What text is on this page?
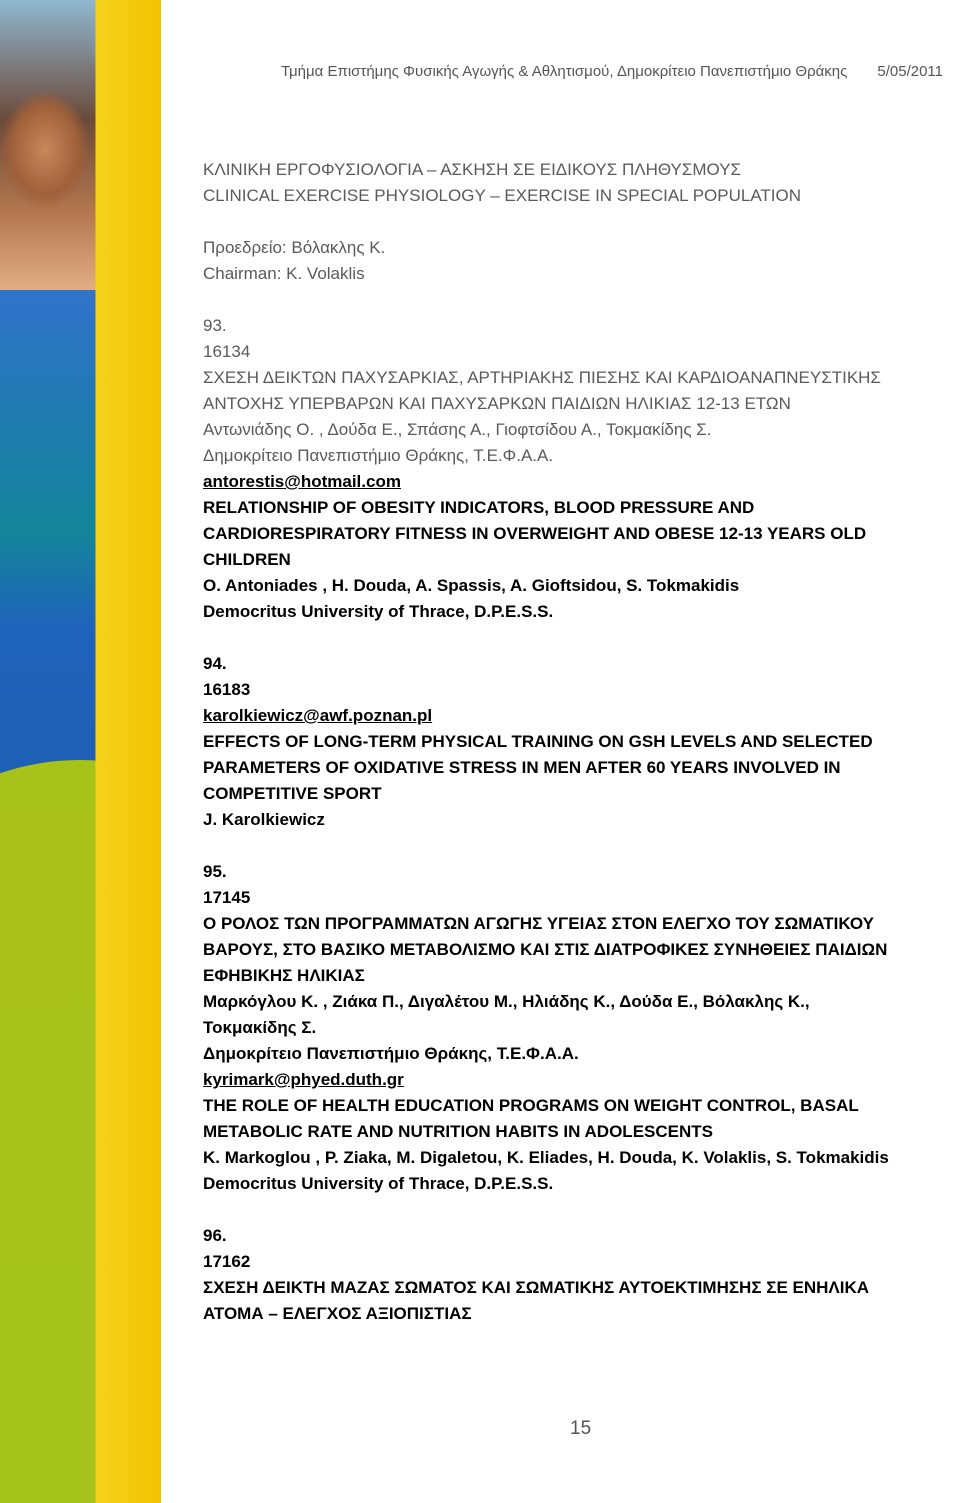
Τμήμα Επιστήμης Φυσικής Αγωγής & Αθλητισμού, Δημοκρίτειο Πανεπιστήμιο Θράκης 5/05/2011
ΚΛΙΝΙΚΗ ΕΡΓΟΦΥΣΙΟΛΟΓΙΑ – ΑΣΚΗΣΗ ΣΕ ΕΙΔΙΚΟΥΣ ΠΛΗΘΥΣΜΟΥΣ
CLINICAL EXERCISE PHYSIOLOGY – EXERCISE IN SPECIAL POPULATION
Προεδρείο: Βόλακλης Κ.
Chairman: K. Volaklis
93.
16134
ΣΧΕΣΗ ΔΕΙΚΤΩΝ ΠΑΧΥΣΑΡΚΙΑΣ, ΑΡΤΗΡΙΑΚΗΣ ΠΙΕΣΗΣ ΚΑΙ ΚΑΡΔΙΟΑΝΑΠΝΕΥΣΤΙΚΗΣ
ΑΝΤΟΧΗΣ ΥΠΕΡΒΑΡΩΝ ΚΑΙ ΠΑΧΥΣΑΡΚΩΝ ΠΑΙΔΙΩΝ ΗΛΙΚΙΑΣ 12-13 ΕΤΩΝ
Αντωνιάδης Ο. , Δούδα Ε., Σπάσης Α., Γιοφτσίδου Α., Τοκμακίδης Σ.
Δημοκρίτειο Πανεπιστήμιο Θράκης, Τ.Ε.Φ.Α.Α.
antorestis@hotmail.com
RELATIONSHIP OF OBESITY INDICATORS, BLOOD PRESSURE AND
CARDIORESPIRATORY FITNESS IN OVERWEIGHT AND OBESE 12-13 YEARS OLD
CHILDREN
O. Antoniades , H. Douda, A. Spassis, A. Gioftsidou, S. Tokmakidis
Democritus University of Thrace, D.P.E.S.S.
94.
16183
karolkiewicz@awf.poznan.pl
EFFECTS OF LONG-TERM PHYSICAL TRAINING ON GSH LEVELS AND SELECTED
PARAMETERS OF OXIDATIVE STRESS IN MEN AFTER 60 YEARS INVOLVED IN
COMPETITIVE SPORT
J. Karolkiewicz
95.
17145
Ο ΡΟΛΟΣ ΤΩΝ ΠΡΟΓΡΑΜΜΑΤΩΝ ΑΓΩΓΗΣ ΥΓΕΙΑΣ ΣΤΟΝ ΕΛΕΓΧΟ ΤΟΥ ΣΩΜΑΤΙΚΟΥ
ΒΑΡΟΥΣ, ΣΤΟ ΒΑΣΙΚΟ ΜΕΤΑΒΟΛΙΣΜΟ ΚΑΙ ΣΤΙΣ ΔΙΑΤΡΟΦΙΚΕΣ ΣΥΝΗΘΕΙΕΣ ΠΑΙΔΙΩΝ
ΕΦΗΒΙΚΗΣ ΗΛΙΚΙΑΣ
Μαρκόγλου Κ. , Ζιάκα Π., Διγαλέτου Μ., Ηλιάδης Κ., Δούδα Ε., Βόλακλης Κ.,
Τοκμακίδης Σ.
Δημοκρίτειο Πανεπιστήμιο Θράκης, Τ.Ε.Φ.Α.Α.
kyrimark@phyed.duth.gr
THE ROLE OF HEALTH EDUCATION PROGRAMS ON WEIGHT CONTROL, BASAL
METABOLIC RATE AND NUTRITION HABITS IN ADOLESCENTS
K. Markoglou , P. Ziaka, M. Digaletou, K. Eliades, H. Douda, K. Volaklis, S. Tokmakidis
Democritus University of Thrace, D.P.E.S.S.
96.
17162
ΣΧΕΣΗ ΔΕΙΚΤΗ ΜΑΖΑΣ ΣΩΜΑΤΟΣ ΚΑΙ ΣΩΜΑΤΙΚΗΣ ΑΥΤΟΕΚΤΙΜΗΣΗΣ ΣΕ ΕΝΗΛΙΚΑ
ΑΤΟΜΑ – ΕΛΕΓΧΟΣ ΑΞΙΟΠΙΣΤΙΑΣ
15
